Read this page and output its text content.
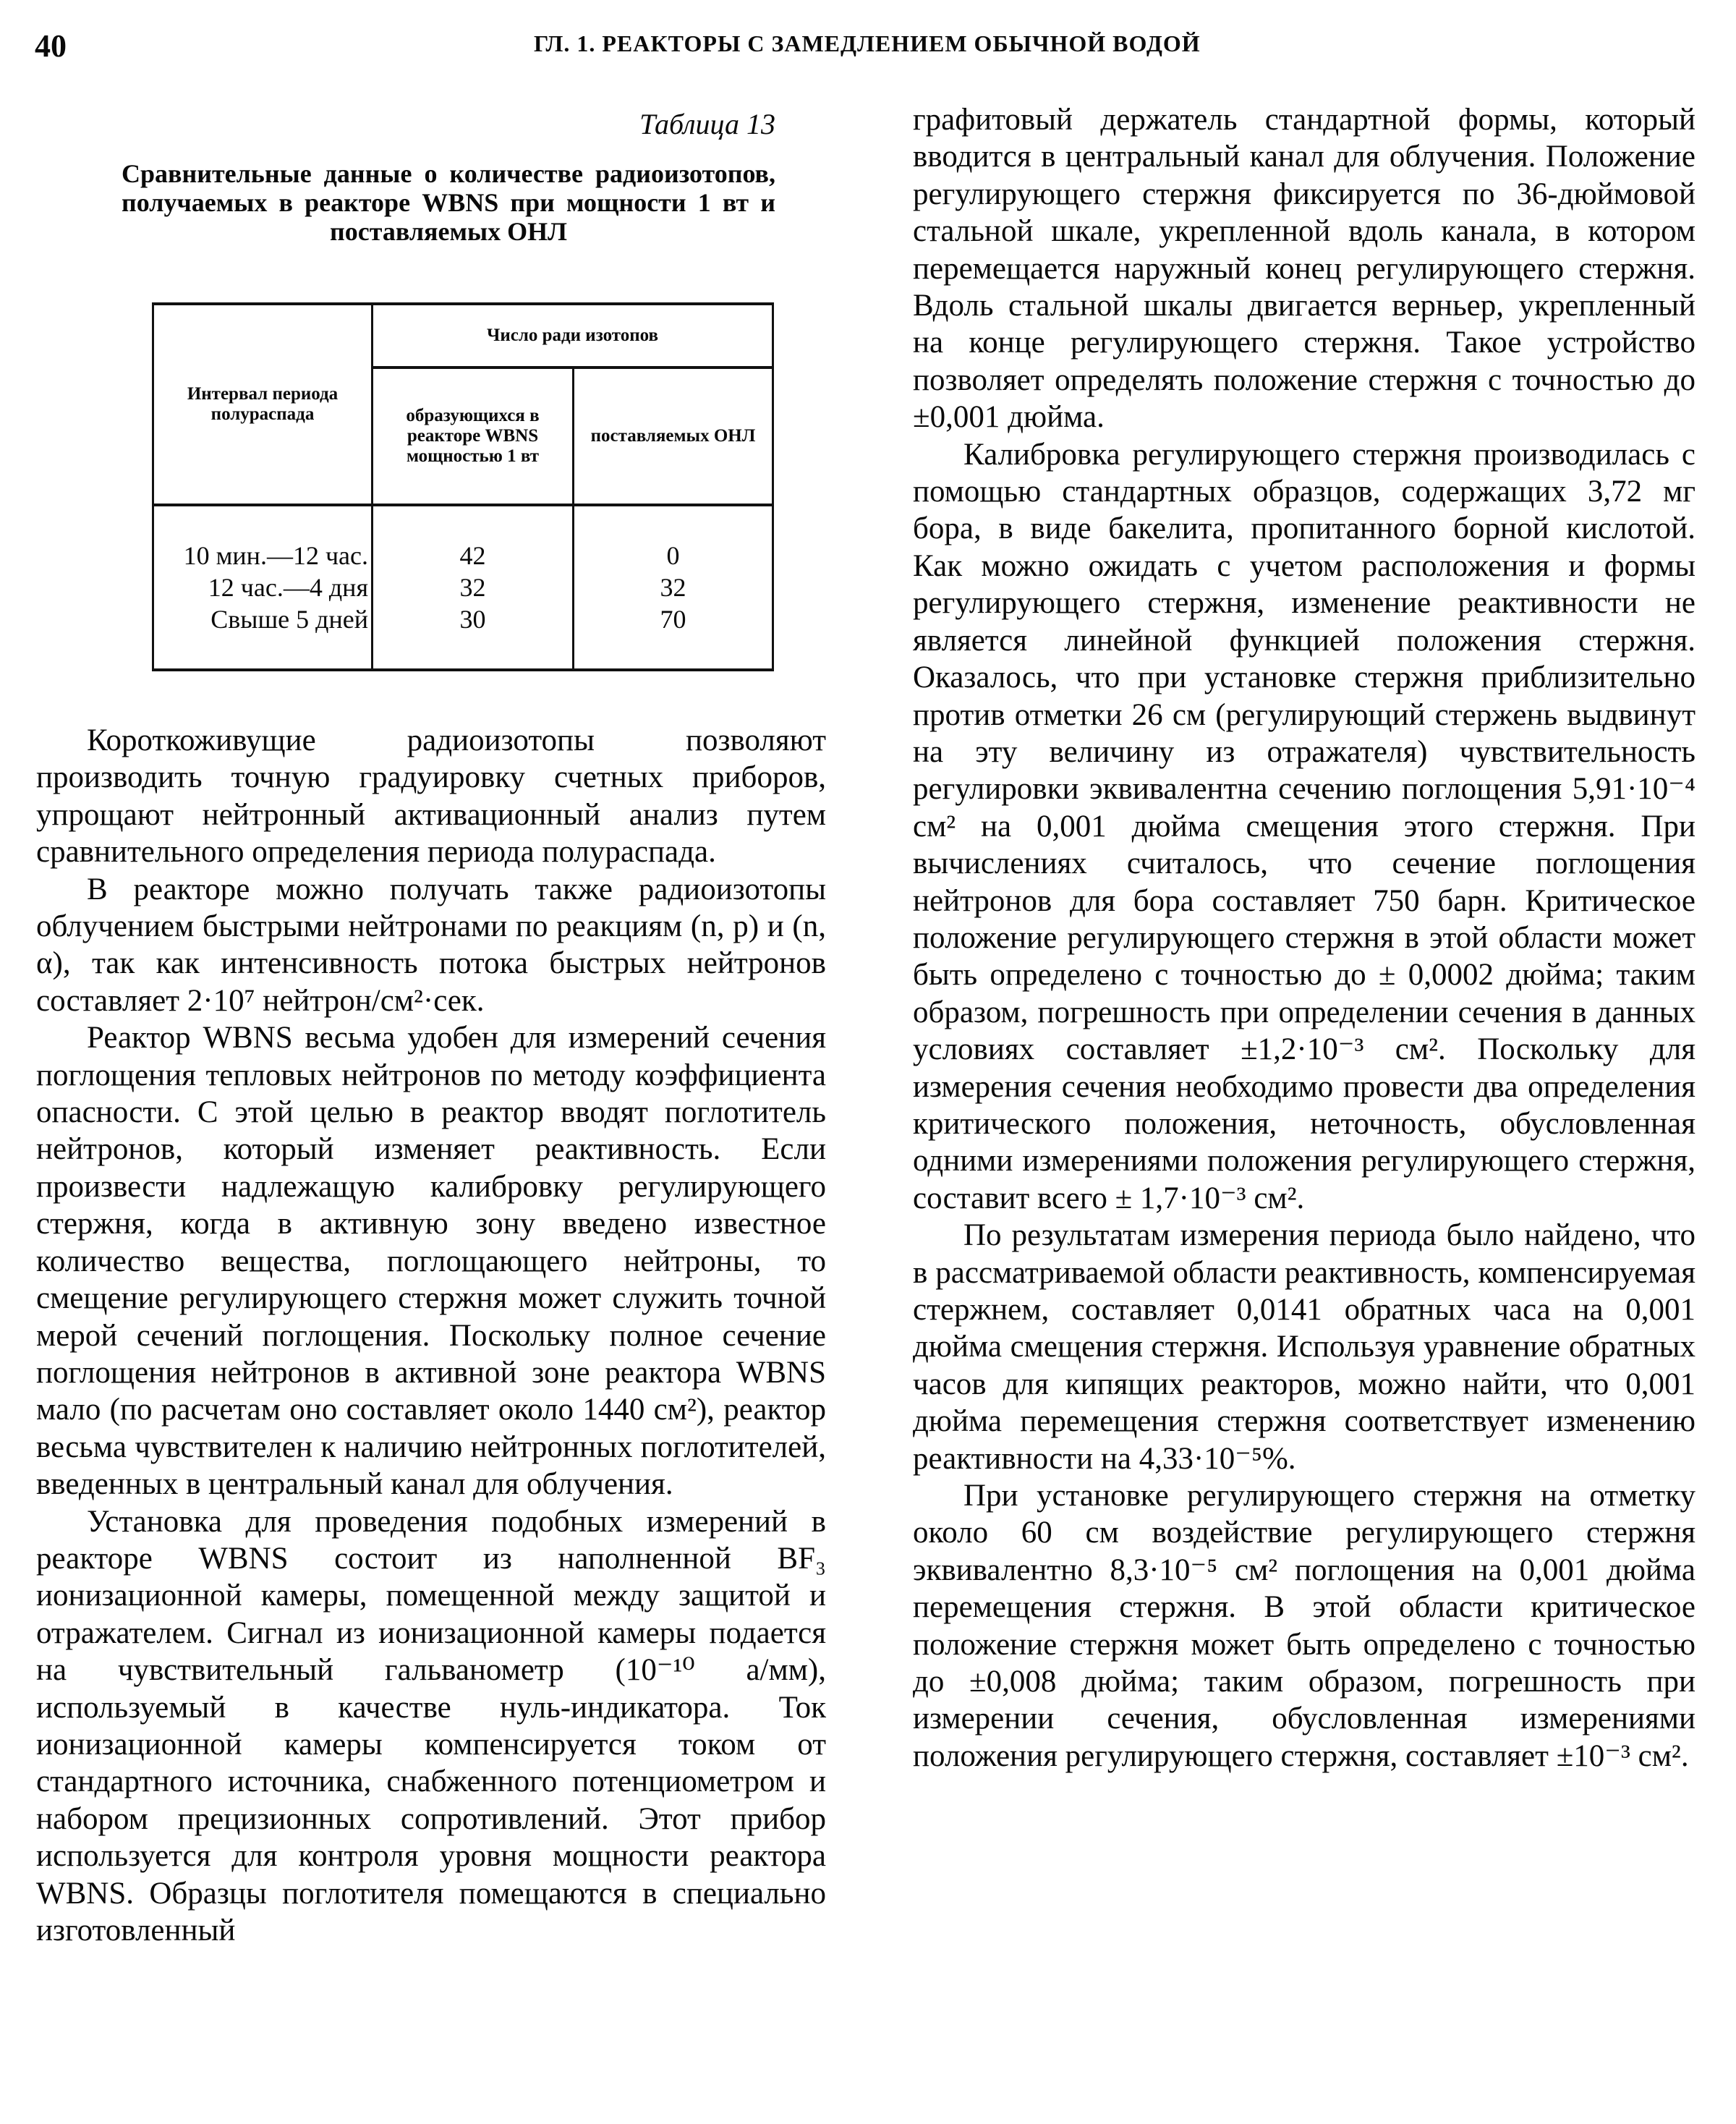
40	ГЛ. 1. РЕАКТОРЫ С ЗАМЕДЛЕНИЕМ ОБЫЧНОЙ ВОДОЙ
Таблица 13
Сравнительные данные о количестве радиоизотопов, получаемых в реакторе WBNS при мощности 1 вт и поставляемых ОНЛ
Интервал периода полураспада	Число ради изотопов	
	образующихся в реакторе WBNS мощностью 1 вт	поставляемых ОНЛ
10 мин.—12 час.	42	0
12 час.—4 дня	32	32
Свыше 5 дней	30	70

Короткоживущие радиоизотопы позволяют производить точную градуировку счетных приборов, упрощают нейтронный активационный анализ путем сравнительного определения периода полураспада.

В реакторе можно получать также радиоизотопы облучением быстрыми нейтронами по реакциям (n, p) и (n, α), так как интенсивность потока быстрых нейтронов составляет 2·10⁷ нейтрон/см²·сек.

Реактор WBNS весьма удобен для измерений сечения поглощения тепловых нейтронов по методу коэффициента опасности. С этой целью в реактор вводят поглотитель нейтронов, который изменяет реактивность. Если произвести надлежащую калибровку регулирующего стержня, когда в активную зону введено известное количество вещества, поглощающего нейтроны, то смещение регулирующего стержня может служить точной мерой сечений поглощения. Поскольку полное сечение поглощения нейтронов в активной зоне реактора WBNS мало (по расчетам оно составляет около 1440 см²), реактор весьма чувствителен к наличию нейтронных поглотителей, введенных в центральный канал для облучения.

Установка для проведения подобных измерений в реакторе WBNS состоит из наполненной BF₃ ионизационной камеры, помещенной между защитой и отражателем. Сигнал из ионизационной камеры подается на чувствительный гальванометр (10⁻¹⁰ а/мм), используемый в качестве нуль-индикатора. Ток ионизационной камеры компенсируется током от стандартного источника, снабженного потенциометром и набором прецизионных сопротивлений. Этот прибор используется для контроля уровня мощности реактора WBNS. Образцы поглотителя помещаются в специально изготовленный

графитовый держатель стандартной формы, который вводится в центральный канал для облучения. Положение регулирующего стержня фиксируется по 36-дюймовой стальной шкале, укрепленной вдоль канала, в котором перемещается наружный конец регулирующего стержня. Вдоль стальной шкалы двигается верньер, укрепленный на конце регулирующего стержня. Такое устройство позволяет определять положение стержня с точностью до ±0,001 дюйма.

Калибровка регулирующего стержня производилась с помощью стандартных образцов, содержащих 3,72 мг бора, в виде бакелита, пропитанного борной кислотой. Как можно ожидать с учетом расположения и формы регулирующего стержня, изменение реактивности не является линейной функцией положения стержня. Оказалось, что при установке стержня приблизительно против отметки 26 см (регулирующий стержень выдвинут на эту величину из отражателя) чувствительность регулировки эквивалентна сечению поглощения 5,91·10⁻⁴ см² на 0,001 дюйма смещения этого стержня. При вычислениях считалось, что сечение поглощения нейтронов для бора составляет 750 барн. Критическое положение регулирующего стержня в этой области может быть определено с точностью до ± 0,0002 дюйма; таким образом, погрешность при определении сечения в данных условиях составляет ±1,2·10⁻³ см². Поскольку для измерения сечения необходимо провести два определения критического положения, неточность, обусловленная одними измерениями положения регулирующего стержня, составит всего ± 1,7·10⁻³ см².

По результатам измерения периода было найдено, что в рассматриваемой области реактивность, компенсируемая стержнем, составляет 0,0141 обратных часа на 0,001 дюйма смещения стержня. Используя уравнение обратных часов для кипящих реакторов, можно найти, что 0,001 дюйма перемещения стержня соответствует изменению реактивности на 4,33·10⁻⁵%.

При установке регулирующего стержня на отметку около 60 см воздействие регулирующего стержня эквивалентно 8,3·10⁻⁵ см² поглощения на 0,001 дюйма перемещения стержня. В этой области критическое положение стержня может быть определено с точностью до ±0,008 дюйма; таким образом, погрешность при измерении сечения, обусловленная измерениями положения регулирующего стержня, составляет ±10⁻³ см².
